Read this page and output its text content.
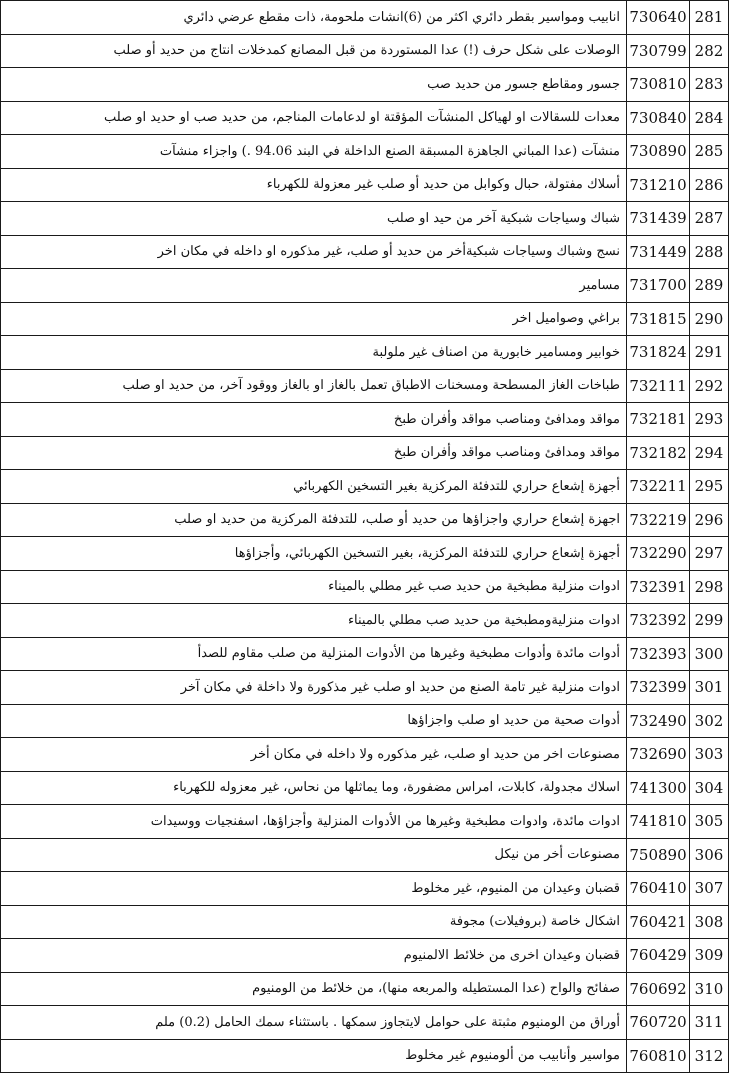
انابيب ومواسير بقطر دائري اكثر من (6)انشات ملحومة، ذات مقطع عرضي دائري	730640	281
الوصلات على شكل حرف (!) عدا المستوردة من قبل المصانع كمدخلات انتاج من حديد أو صلب	730799	282
جسور ومقاطع جسور من حديد صب	730810	283
معدات للسقالات او لهياكل المنشآت المؤقتة او لدعامات المناجم، من حديد صب او حديد او صلب	730840	284
منشآت (عدا المباني الجاهزة المسبقة الصنع الداخلة في البند 94.06 .) واجزاء منشآت	730890	285
أسلاك مفتولة، حبال وكوابل من حديد أو صلب غير معزولة للكهرباء	731210	286
شباك وسياجات شبكية آخر من حيد او صلب	731439	287
نسج وشباك وسياجات شبكيةأخر من حديد أو صلب، غير مذكوره او داخله في مكان اخر	731449	288
مسامير	731700	289
براغي وصواميل اخر	731815	290
خوابير ومسامير خابورية من اصناف غير ملولبة	731824	291
طباخات الغاز المسطحة ومسخنات الاطباق تعمل بالغاز او بالغاز ووقود آخر، من حديد او صلب	732111	292
مواقد ومدافئ ومناصب مواقد وأفران طبخ	732181	293
مواقد ومدافئ ومناصب مواقد وأفران طبخ	732182	294
أجهزة إشعاع حراري للتدفئة المركزية بغير التسخين الكهربائي	732211	295
اجهزة إشعاع حراري واجزاؤها من حديد أو صلب، للتدفئة المركزية من حديد او صلب	732219	296
أجهزة إشعاع حراري للتدفئة المركزية، بغير التسخين الكهربائي، وأجزاؤها	732290	297
ادوات منزلية مطبخية من حديد صب غير مطلي بالميناء	732391	298
ادوات منزليةومطبخية من حديد صب مطلي بالميناء	732392	299
أدوات مائدة وأدوات مطبخية وغيرها من الأدوات المنزلية من صلب مقاوم للصدأ	732393	300
ادوات منزلية غير تامة الصنع من حديد او صلب غير مذكورة ولا داخلة في مكان آخر	732399	301
أدوات صحية من حديد او صلب واجزاؤها	732490	302
مصنوعات اخر من حديد او صلب، غير مذكوره ولا داخله في مكان أخر	732690	303
اسلاك مجدولة، كابلات، امراس مضفورة، وما يماثلها من نحاس، غير معزوله للكهرباء	741300	304
ادوات مائدة، وادوات مطبخية وغيرها من الأدوات المنزلية وأجزاؤها، اسفنجيات ووسيدات	741810	305
مصنوعات أخر من نيكل	750890	306
قضبان وعيدان من المنيوم، غير مخلوط	760410	307
اشكال خاصة (بروفيلات) مجوفة	760421	308
قضبان وعيدان اخرى من خلائط الالمنيوم	760429	309
صفائح والواح (عدا المستطيله والمربعه منها)، من خلائط من الومنيوم	760692	310
أوراق من الومنيوم مثبتة على حوامل لايتجاوز سمكها . باستثناء سمك الحامل (0.2) ملم	760720	311
مواسير وأنابيب من ألومنيوم غير مخلوط	760810	312
